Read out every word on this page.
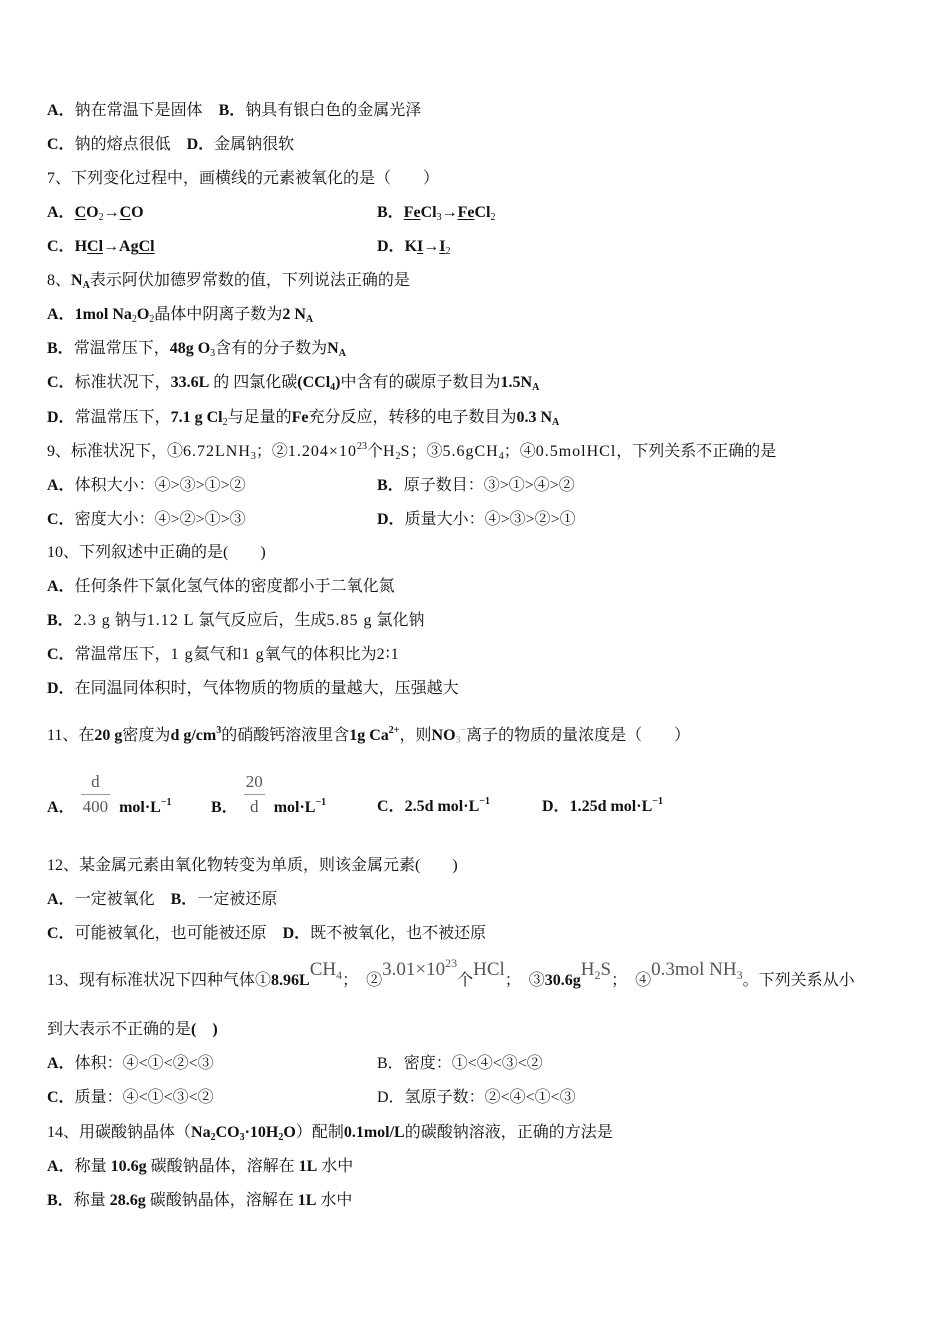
A．钠在常温下是固体　B．钠具有银白色的金属光泽
C．钠的熔点很低　D．金属钠很软
7、下列变化过程中，画横线的元素被氧化的是（　　）
A．$CO_2\to CO$	B．FeCl$_3$→FeCl$_2$
C．HCl→AgCl	D．$KI\to I_2$
8、$N_A$表示阿伏加德罗常数的值，下列说法正确的是
A．1mol $Na_2O_2$晶体中阴离子数为2 $N_A$
B．常温常压下，48g $O_3$含有的分子数为$N_A$
C．标准状况下，33.6L 的 四氯化碳(CCl$_4$)中含有的碳原子数目为$1.5N_A$
D．常温常压下，7.1 g $Cl_2$与足量的Fe充分反应，转移的电子数目为0.3 $N_A$
9、标准状况下，$①6.72LNH_3$；$②1.204\times 10^{23}$个$H_2S$；③5.6gCH$_4$；④0.5molHCl，下列关系不正确的是
A．体积大小：④>③>①>②	B．原子数目：③>①>④>②
C．密度大小：④>②>①>③	D．质量大小：④>③>②>①
10、下列叙述中正确的是(　　)
A．任何条件下氯化氢气体的密度都小于二氧化氮
B．2.3 g 钠与1.12 L 氯气反应后，生成5.85 g 氯化钠
C．常温常压下，1 g氦气和1 g氧气的体积比为2∶1
D．在同温同体积时，气体物质的物质的量越大，压强越大
11、在20 g密度为d $g/cm^3$的硝酸钙溶液里含1g $Ca^{2+}$，则$NO_3^-$离子的物质的量浓度是（　　）
A． $\frac{d}{400} mol\cdot L^{-1}$ B． $\frac{20}{d} mol\cdot L^{-1}$	C．2.5d $mol\cdot L^{-1}$	D．1.25d $mol\cdot L^{-1}$
12、某金属元素由氧化物转变为单质，则该金属元素(　　)
A．一定被氧化　B．一定被还原
C．可能被氧化，也可能被还原　D．既不被氧化，也不被还原
13、现有标准状况下四种气体①8.96LCH$^4$；  $②3.01\times 10^{23}$个HCl；  $③30.6gH^2S$；  ④0.3mol $NH^3$。下列关系从小
到大表示不正确的是(　)
A．体积：④<①<②<③	B．密度：①<④<③<②
C．质量：④<①<③<②	D．氢原子数：②<④<①<③
14、用碳酸钠晶体$(Na_2CO_3\cdot 10H_2O)$配制0.1mol/L的碳酸钠溶液，正确的方法是
A．称量 10.6g 碳酸钠晶体，溶解在 1L 水中
B．称量 28.6g 碳酸钠晶体，溶解在 1L 水中
